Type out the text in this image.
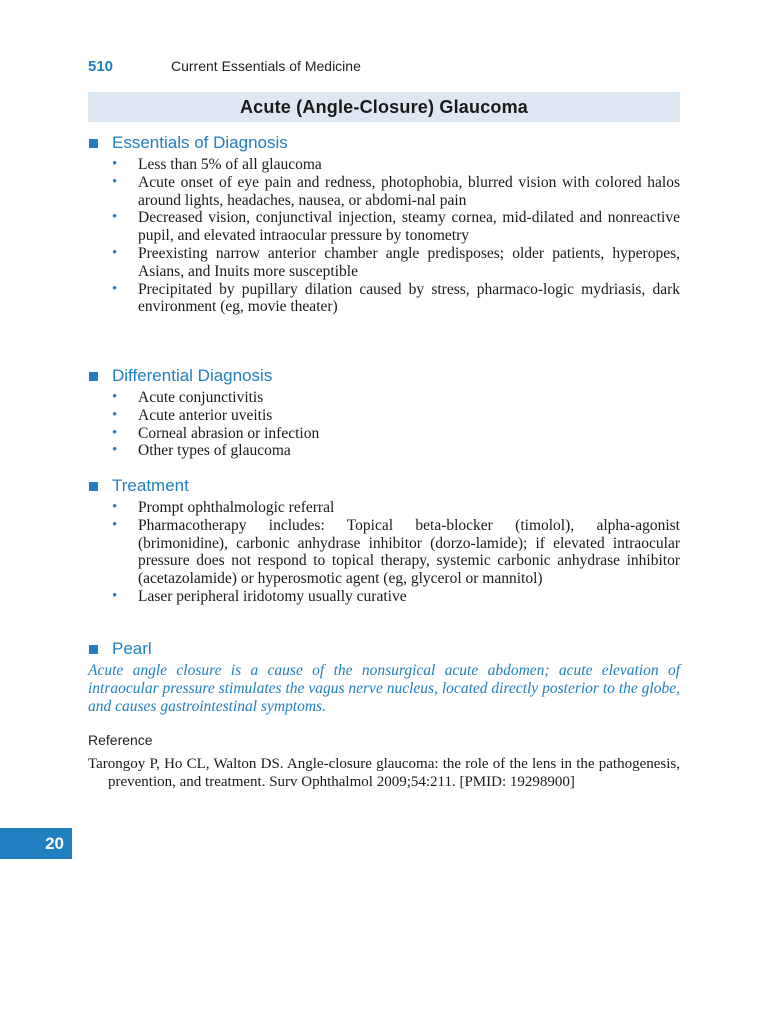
510	Current Essentials of Medicine
Acute (Angle-Closure) Glaucoma
Essentials of Diagnosis
• Less than 5% of all glaucoma
• Acute onset of eye pain and redness, photophobia, blurred vision with colored halos around lights, headaches, nausea, or abdomi-nal pain
• Decreased vision, conjunctival injection, steamy cornea, mid-dilated and nonreactive pupil, and elevated intraocular pressure by tonometry
• Preexisting narrow anterior chamber angle predisposes; older patients, hyperopes, Asians, and Inuits more susceptible
• Precipitated by pupillary dilation caused by stress, pharmaco-logic mydriasis, dark environment (eg, movie theater)
Differential Diagnosis
• Acute conjunctivitis
• Acute anterior uveitis
• Corneal abrasion or infection
• Other types of glaucoma
Treatment
• Prompt ophthalmologic referral
• Pharmacotherapy includes: Topical beta-blocker (timolol), alpha-agonist (brimonidine), carbonic anhydrase inhibitor (dorzo-lamide); if elevated intraocular pressure does not respond to topical therapy, systemic carbonic anhydrase inhibitor (acetazolamide) or hyperosmotic agent (eg, glycerol or mannitol)
• Laser peripheral iridotomy usually curative
Pearl
Acute angle closure is a cause of the nonsurgical acute abdomen; acute elevation of intraocular pressure stimulates the vagus nerve nucleus, located directly posterior to the globe, and causes gastrointestinal symptoms.
Reference
Tarongoy P, Ho CL, Walton DS. Angle-closure glaucoma: the role of the lens in the pathogenesis, prevention, and treatment. Surv Ophthalmol 2009;54:211. [PMID: 19298900]
20
